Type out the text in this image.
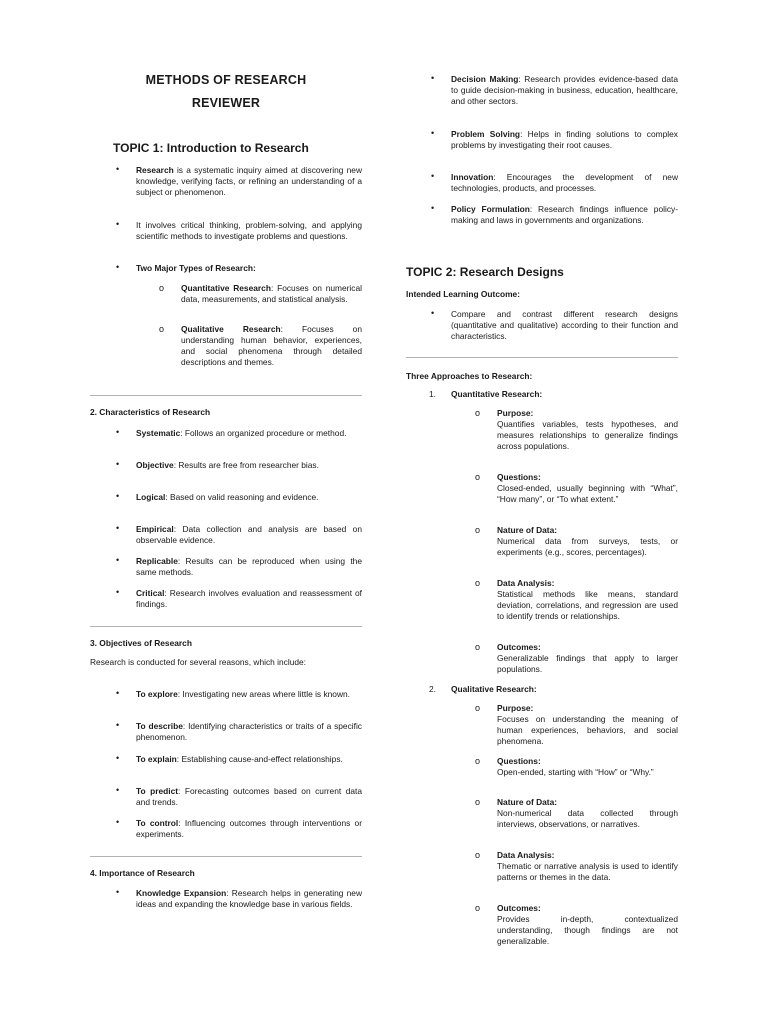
METHODS OF RESEARCH
REVIEWER
TOPIC 1: Introduction to Research
• Research is a systematic inquiry aimed at discovering new knowledge, verifying facts, or refining an understanding of a subject or phenomenon.
• It involves critical thinking, problem-solving, and applying scientific methods to investigate problems and questions.
• Two Major Types of Research:
o Quantitative Research: Focuses on numerical data, measurements, and statistical analysis.
o Qualitative Research: Focuses on understanding human behavior, experiences, and social phenomena through detailed descriptions and themes.
2. Characteristics of Research
• Systematic: Follows an organized procedure or method.
• Objective: Results are free from researcher bias.
• Logical: Based on valid reasoning and evidence.
• Empirical: Data collection and analysis are based on observable evidence.
• Replicable: Results can be reproduced when using the same methods.
• Critical: Research involves evaluation and reassessment of findings.
3. Objectives of Research

Research is conducted for several reasons, which include:

• To explore: Investigating new areas where little is known.
• To describe: Identifying characteristics or traits of a specific phenomenon.
• To explain: Establishing cause-and-effect relationships.
• To predict: Forecasting outcomes based on current data and trends.
• To control: Influencing outcomes through interventions or experiments.
4. Importance of Research
• Knowledge Expansion: Research helps in generating new ideas and expanding the knowledge base in various fields.
• Decision Making: Research provides evidence-based data to guide decision-making in business, education, healthcare, and other sectors.
• Problem Solving: Helps in finding solutions to complex problems by investigating their root causes.
• Innovation: Encourages the development of new technologies, products, and processes.
• Policy Formulation: Research findings influence policy-making and laws in governments and organizations.
TOPIC 2: Research Designs
Intended Learning Outcome:
• Compare and contrast different research designs (quantitative and qualitative) according to their function and characteristics.
Three Approaches to Research:
1. Quantitative Research:
o Purpose:
Quantifies variables, tests hypotheses, and measures relationships to generalize findings across populations.
o Questions:
Closed-ended, usually beginning with “What”, “How many”, or “To what extent.”
o Nature of Data:
Numerical data from surveys, tests, or experiments (e.g., scores, percentages).
o Data Analysis:
Statistical methods like means, standard deviation, correlations, and regression are used to identify trends or relationships.
o Outcomes:
Generalizable findings that apply to larger populations.
2. Qualitative Research:
o Purpose:
Focuses on understanding the meaning of human experiences, behaviors, and social phenomena.
o Questions:
Open-ended, starting with “How” or “Why.”
o Nature of Data:
Non-numerical data collected through interviews, observations, or narratives.
o Data Analysis:
Thematic or narrative analysis is used to identify patterns or themes in the data.
o Outcomes:
Provides in-depth, contextualized understanding, though findings are not generalizable.
